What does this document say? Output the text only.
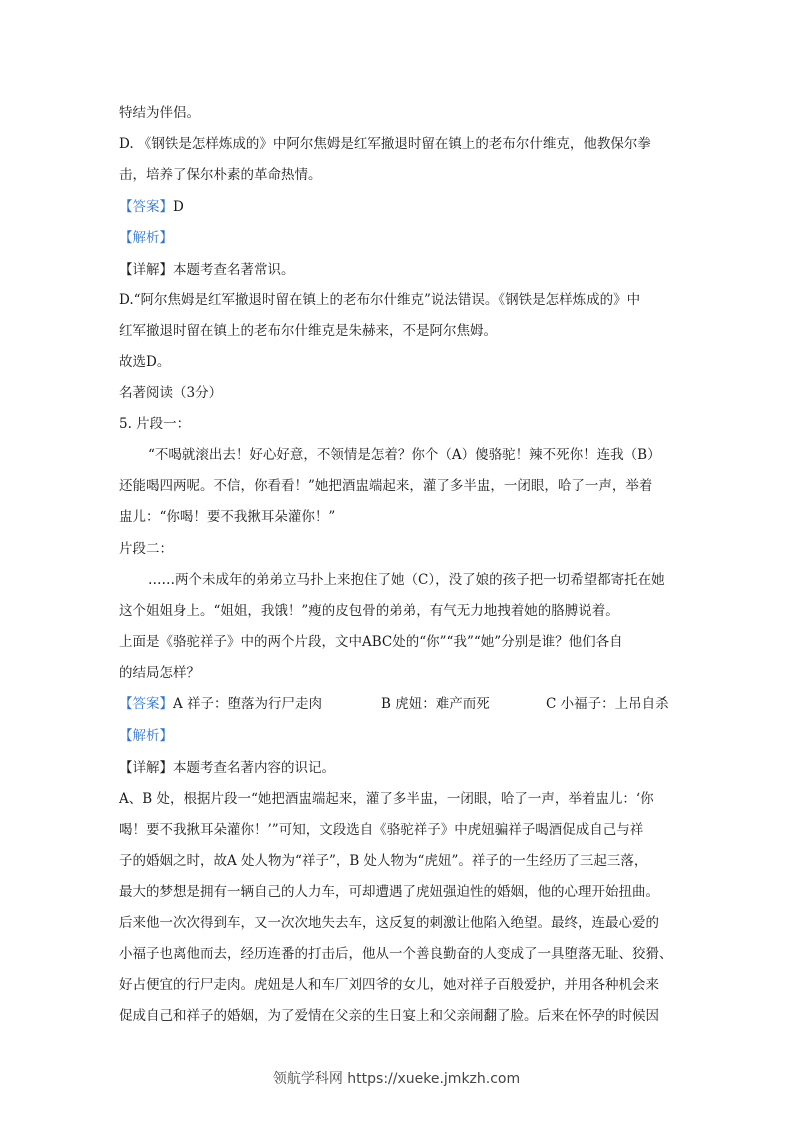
特结为伴侣。
D. 《钢铁是怎样炼成的》中阿尔焦姆是红军撤退时留在镇上的老布尔什维克，他教保尔拳
击，培养了保尔朴素的革命热情。
【答案】D
【解析】
【详解】本题考查名著常识。
D.“阿尔焦姆是红军撤退时留在镇上的老布尔什维克”说法错误。《钢铁是怎样炼成的》中
红军撤退时留在镇上的老布尔什维克是朱赫来，不是阿尔焦姆。
故选D。
名著阅读（3分）
5. 片段一：
“不喝就滚出去！好心好意，不领情是怎着？你个（A）傻骆驼！辣不死你！连我（B）
还能喝四两呢。不信，你看看！”她把酒盅端起来，灌了多半盅，一闭眼，哈了一声，举着
盅儿：“你喝！要不我揪耳朵灌你！”
片段二：
……两个未成年的弟弟立马扑上来抱住了她（C），没了娘的孩子把一切希望都寄托在她
这个姐姐身上。“姐姐，我饿！”瘦的皮包骨的弟弟，有气无力地拽着她的胳膊说着。
上面是《骆驼祥子》中的两个片段，文中ABC处的“你”“我”“她”分别是谁？他们各自
的结局怎样？
【答案】A 祥子：堕落为行尸走肉	B 虎妞：难产而死	C 小福子：上吊自杀
【解析】
【详解】本题考查名著内容的识记。
A、B 处，根据片段一“她把酒盅端起来，灌了多半盅，一闭眼，哈了一声，举着盅儿：‘你
喝！要不我揪耳朵灌你！’”可知，文段选自《骆驼祥子》中虎妞骗祥子喝酒促成自己与祥
子的婚姻之时，故A 处人物为“祥子”，B 处人物为“虎妞”。祥子的一生经历了三起三落，
最大的梦想是拥有一辆自己的人力车，可却遭遇了虎妞强迫性的婚姻，他的心理开始扭曲。
后来他一次次得到车，又一次次地失去车，这反复的刺激让他陷入绝望。最终，连最心爱的
小福子也离他而去，经历连番的打击后，他从一个善良勤奋的人变成了一具堕落无耻、狡猾、
好占便宜的行尸走肉。虎妞是人和车厂刘四爷的女儿，她对祥子百般爱护，并用各种机会来
促成自己和祥子的婚姻，为了爱情在父亲的生日宴上和父亲闹翻了脸。后来在怀孕的时候因
领航学科网 https://xueke.jmkzh.com
